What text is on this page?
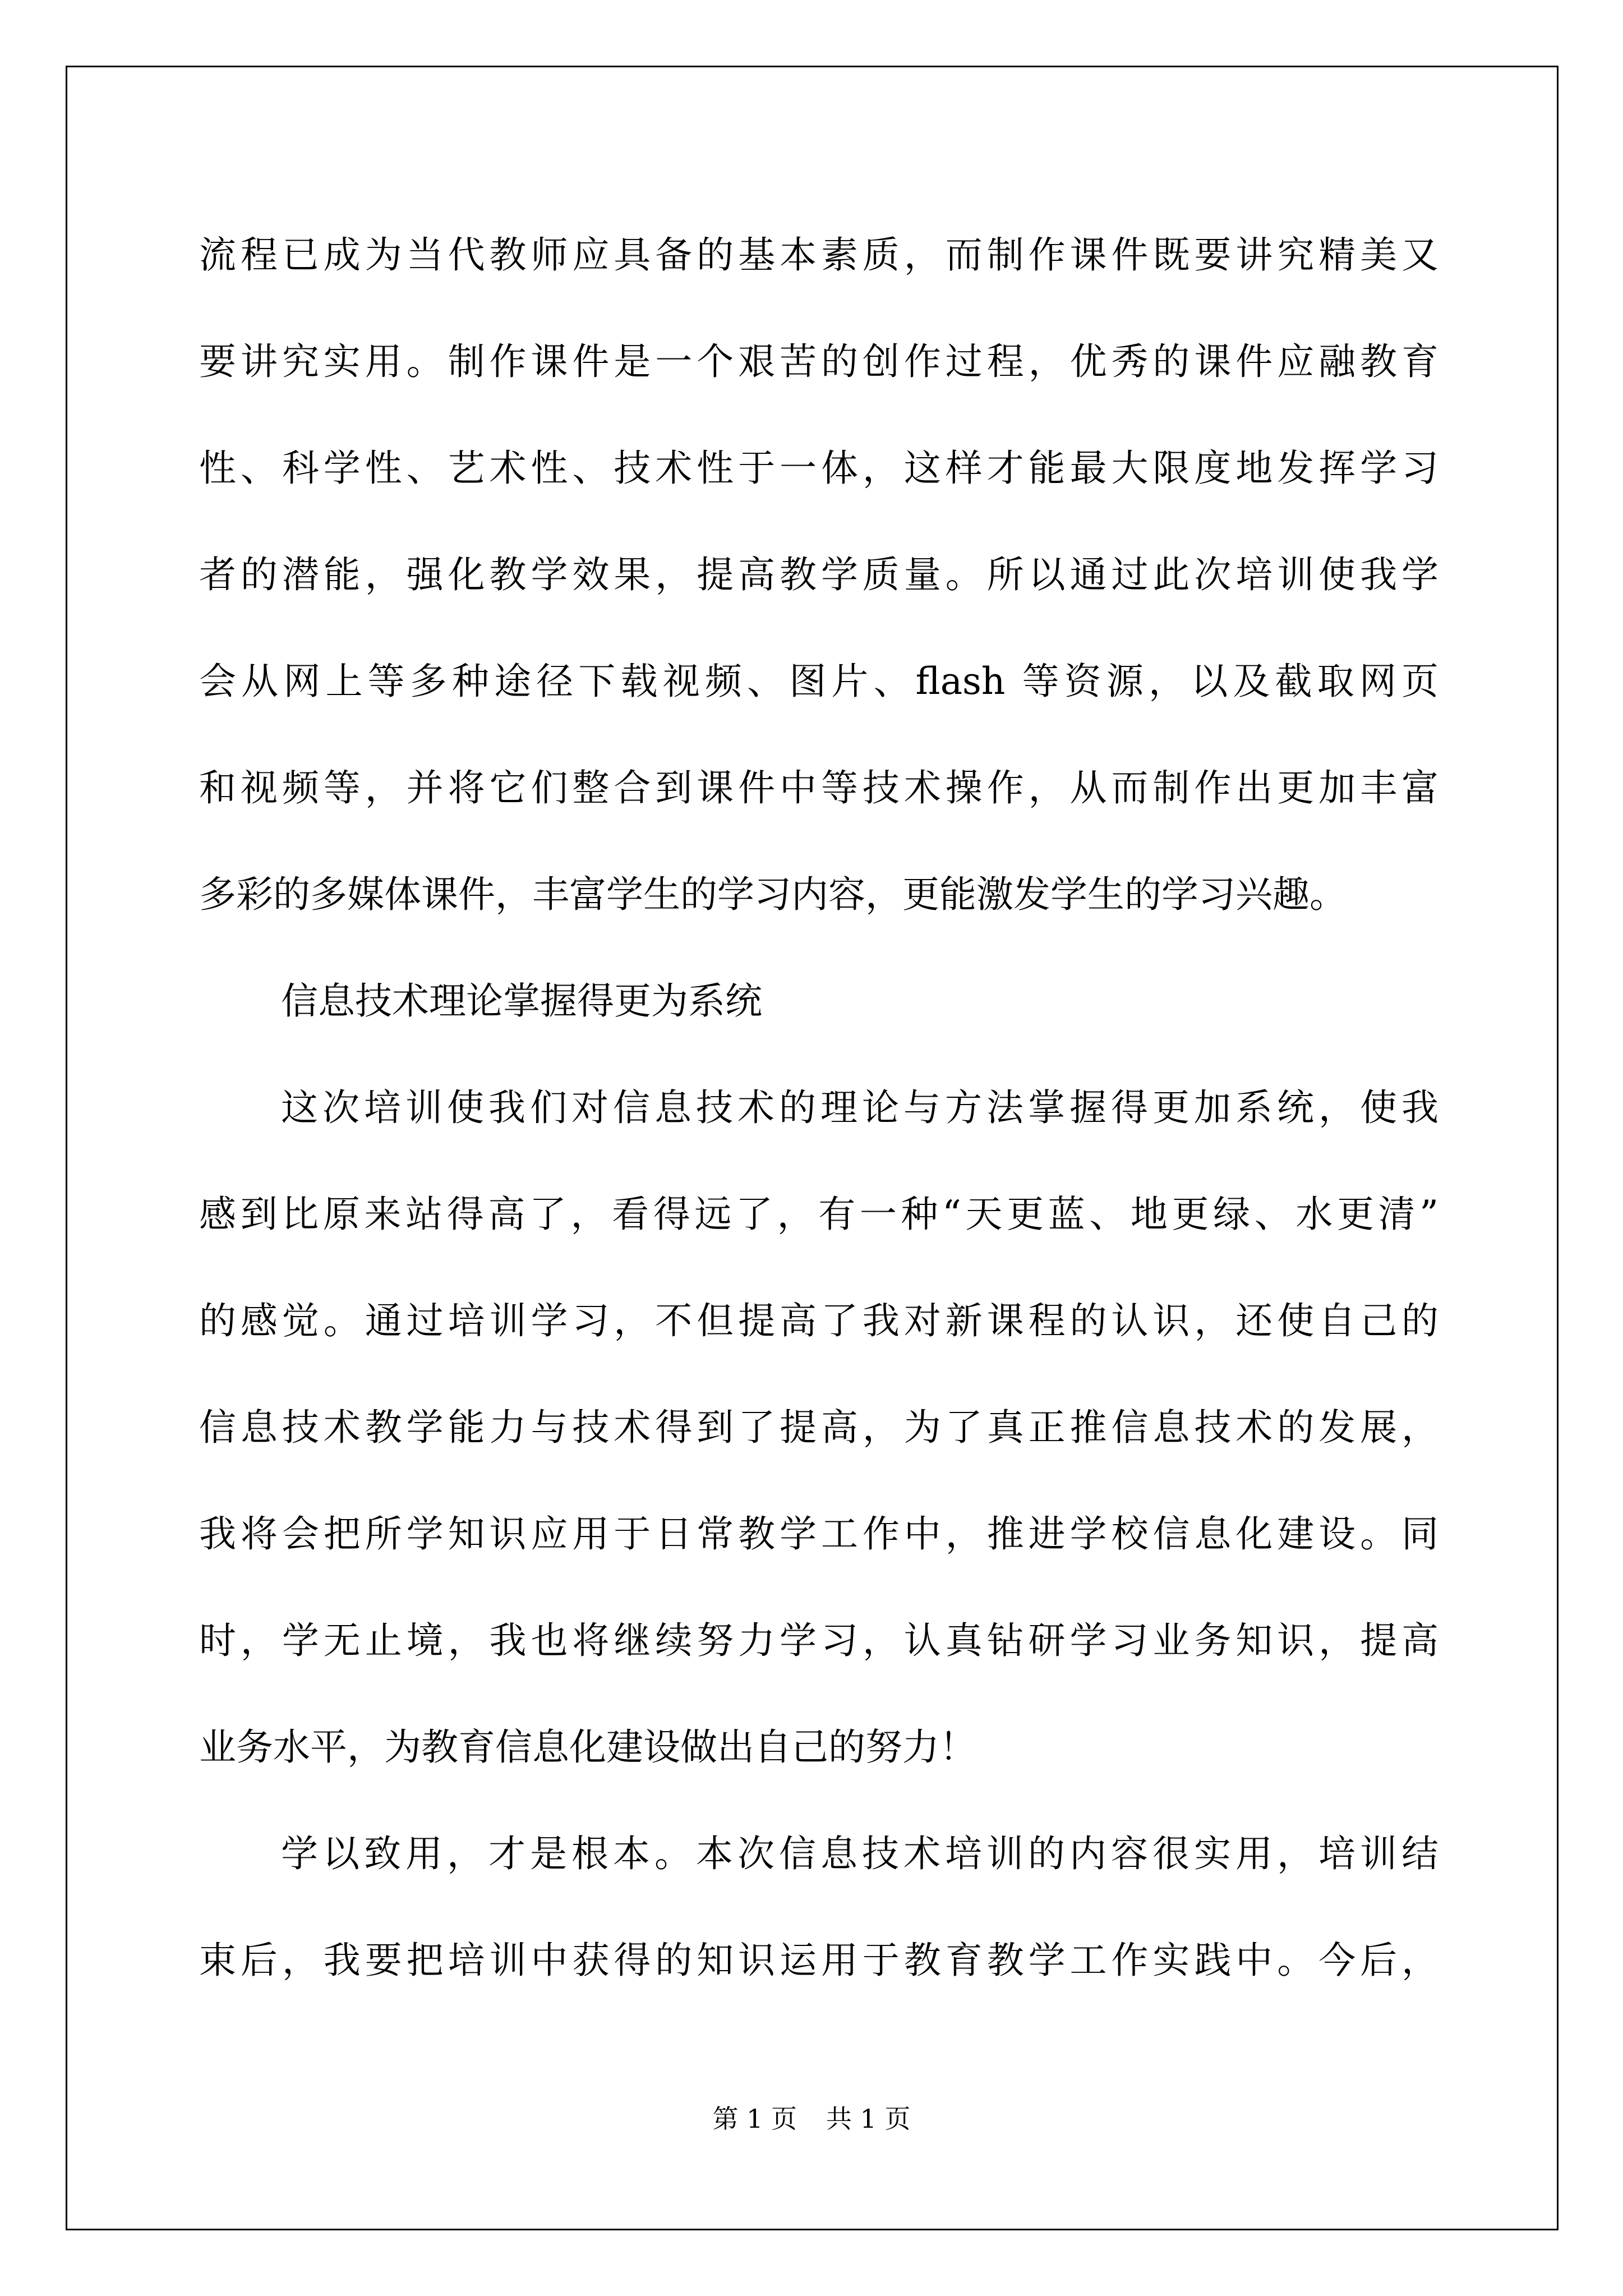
流程已成为当代教师应具备的基本素质，而制作课件既要讲究精美又
要讲究实用。制作课件是一个艰苦的创作过程，优秀的课件应融教育
性、科学性、艺术性、技术性于一体，这样才能最大限度地发挥学习
者的潜能，强化教学效果，提高教学质量。所以通过此次培训使我学
会从网上等多种途径下载视频、图片、flash 等资源，以及截取网页
和视频等，并将它们整合到课件中等技术操作，从而制作出更加丰富
多彩的多媒体课件，丰富学生的学习内容，更能激发学生的学习兴趣。
信息技术理论掌握得更为系统
这次培训使我们对信息技术的理论与方法掌握得更加系统，使我
感到比原来站得高了，看得远了，有一种“天更蓝、地更绿、水更清”
的感觉。通过培训学习，不但提高了我对新课程的认识，还使自己的
信息技术教学能力与技术得到了提高，为了真正推信息技术的发展，
我将会把所学知识应用于日常教学工作中，推进学校信息化建设。同
时，学无止境，我也将继续努力学习，认真钻研学习业务知识，提高
业务水平，为教育信息化建设做出自己的努力！
学以致用，才是根本。本次信息技术培训的内容很实用，培训结
束后，我要把培训中获得的知识运用于教育教学工作实践中。今后，
第 1 页 共 1 页
